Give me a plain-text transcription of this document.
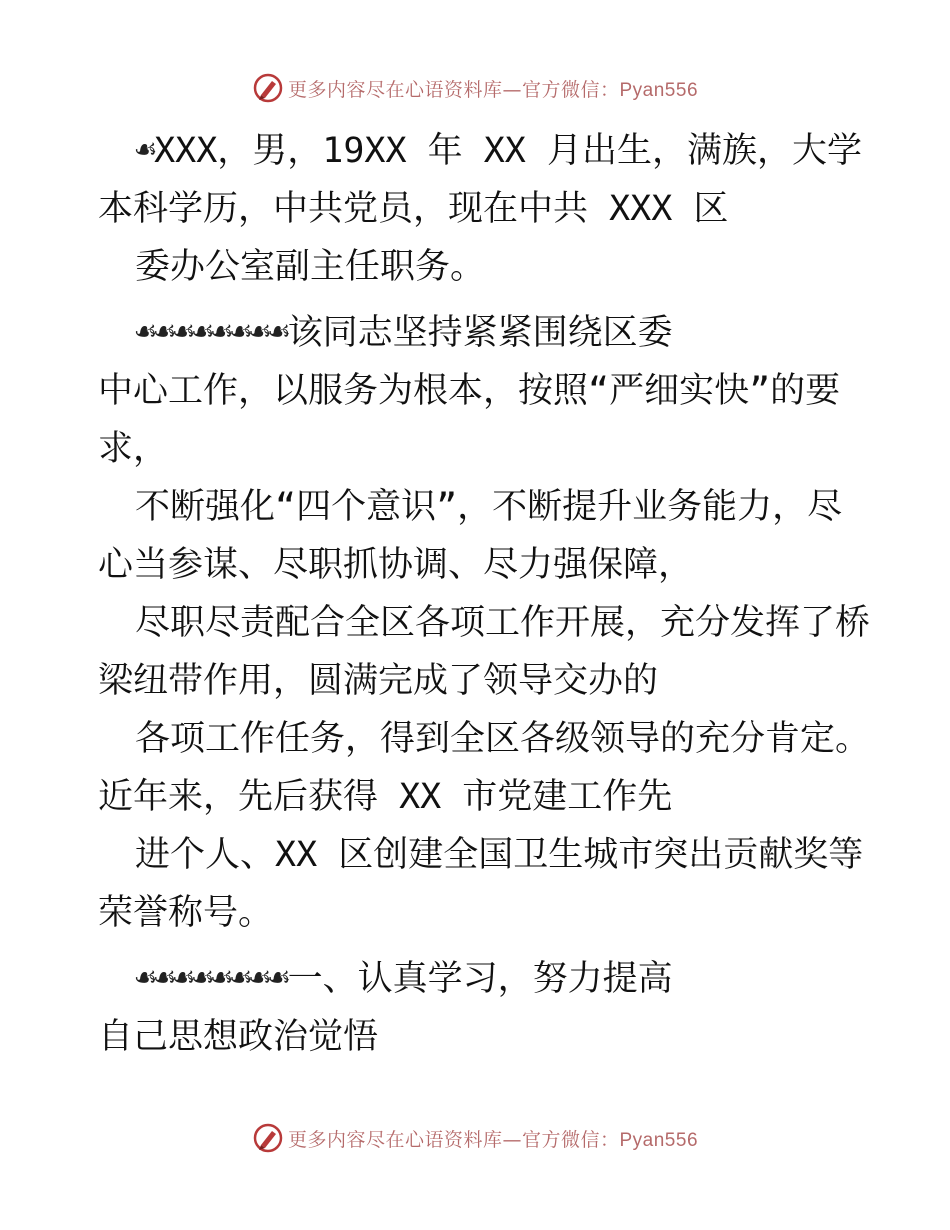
更多内容尽在心语资料库—官方微信：Pyan556
☙XXX，男，19XX 年 XX 月出生，满族，大学
本科学历，中共党员，现在中共 XXX 区
委办公室副主任职务。
☙☙☙☙☙☙☙☙该同志坚持紧紧围绕区委
中心工作，以服务为根本，按照“严细实快”的要
求，
不断强化“四个意识”，不断提升业务能力，尽
心当参谋、尽职抓协调、尽力强保障，
尽职尽责配合全区各项工作开展，充分发挥了桥
梁纽带作用，圆满完成了领导交办的
各项工作任务，得到全区各级领导的充分肯定。
近年来，先后获得 XX 市党建工作先
进个人、XX 区创建全国卫生城市突出贡献奖等
荣誉称号。
☙☙☙☙☙☙☙☙一、认真学习，努力提高
自己思想政治觉悟
更多内容尽在心语资料库—官方微信：Pyan556
